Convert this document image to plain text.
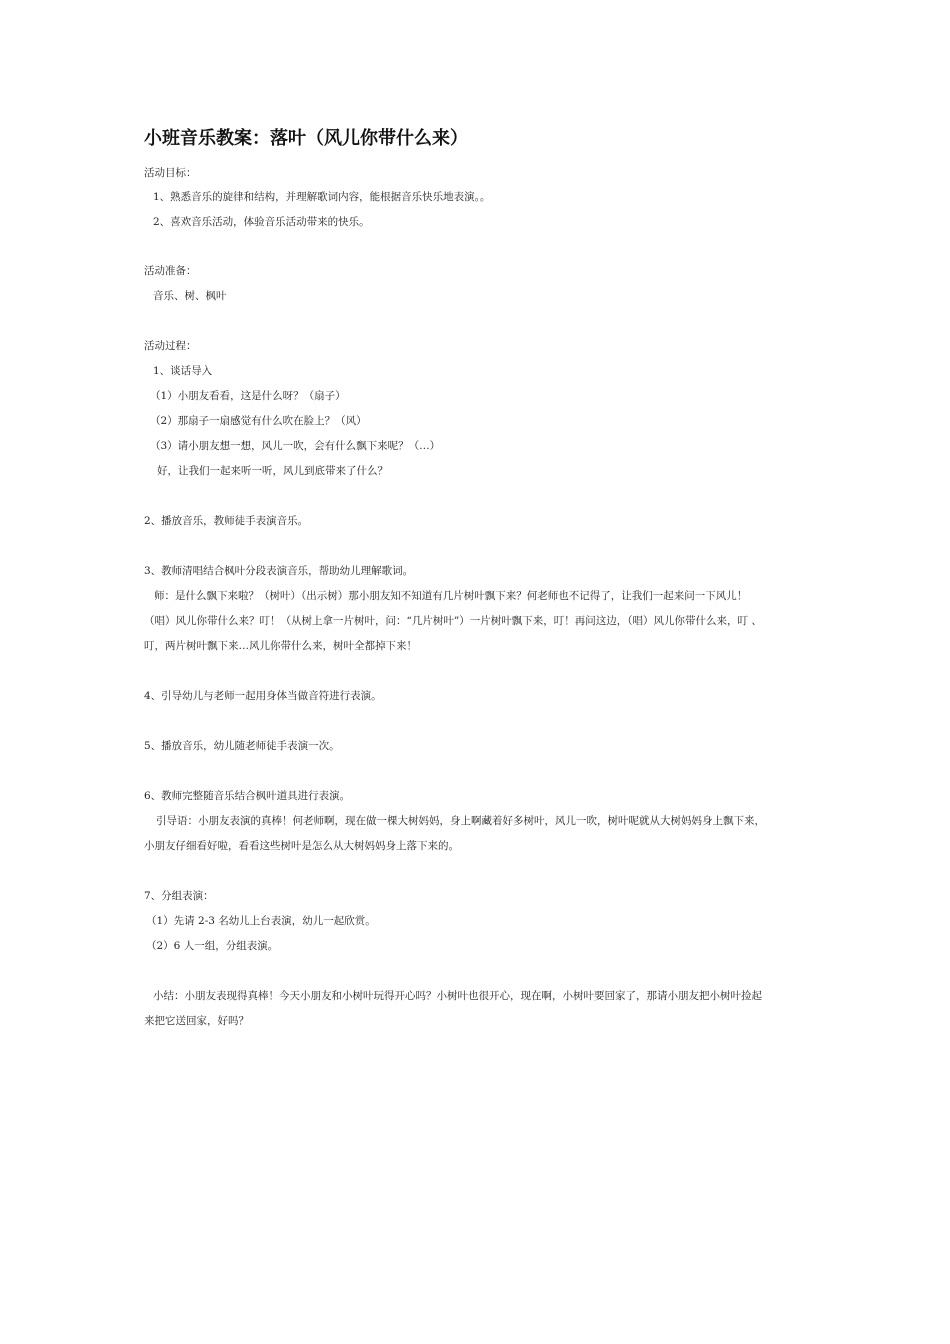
小班音乐教案：落叶（风儿你带什么来）
活动目标：
1、熟悉音乐的旋律和结构，并理解歌词内容，能根据音乐快乐地表演。。
2、喜欢音乐活动，体验音乐活动带来的快乐。
活动准备：
音乐、树、枫叶
活动过程：
1、谈话导入
（1）小朋友看看，这是什么呀？（扇子）
（2）那扇子一扇感觉有什么吹在脸上？（风）
（3）请小朋友想一想，风儿一吹，会有什么飘下来呢？（…）
好，让我们一起来听一听，风儿到底带来了什么？
2、播放音乐，教师徒手表演音乐。
3、教师清唱结合枫叶分段表演音乐，帮助幼儿理解歌词。
师：是什么飘下来啦？（树叶）（出示树）那小朋友知不知道有几片树叶飘下来？何老师也不记得了，让我们一起来问一下风儿！
（唱）风儿你带什么来？叮！（从树上拿一片树叶，问：“几片树叶”）一片树叶飘下来，叮！再问这边，（唱）风儿你带什么来，叮 、
叮，两片树叶飘下来…风儿你带什么来，树叶全都掉下来！
4、引导幼儿与老师一起用身体当做音符进行表演。
5、播放音乐，幼儿随老师徒手表演一次。
6、教师完整随音乐结合枫叶道具进行表演。
引导语：小朋友表演的真棒！何老师啊，现在做一棵大树妈妈，身上啊藏着好多树叶，风儿一吹，树叶呢就从大树妈妈身上飘下来，
小朋友仔细看好啦，看看这些树叶是怎么从大树妈妈身上落下来的。
7、分组表演：
（1）先请 2-3 名幼儿上台表演，幼儿一起欣赏。
（2）6 人一组，分组表演。
小结：小朋友表现得真棒！今天小朋友和小树叶玩得开心吗？小树叶也很开心，现在啊，小树叶要回家了，那请小朋友把小树叶捡起
来把它送回家，好吗？
